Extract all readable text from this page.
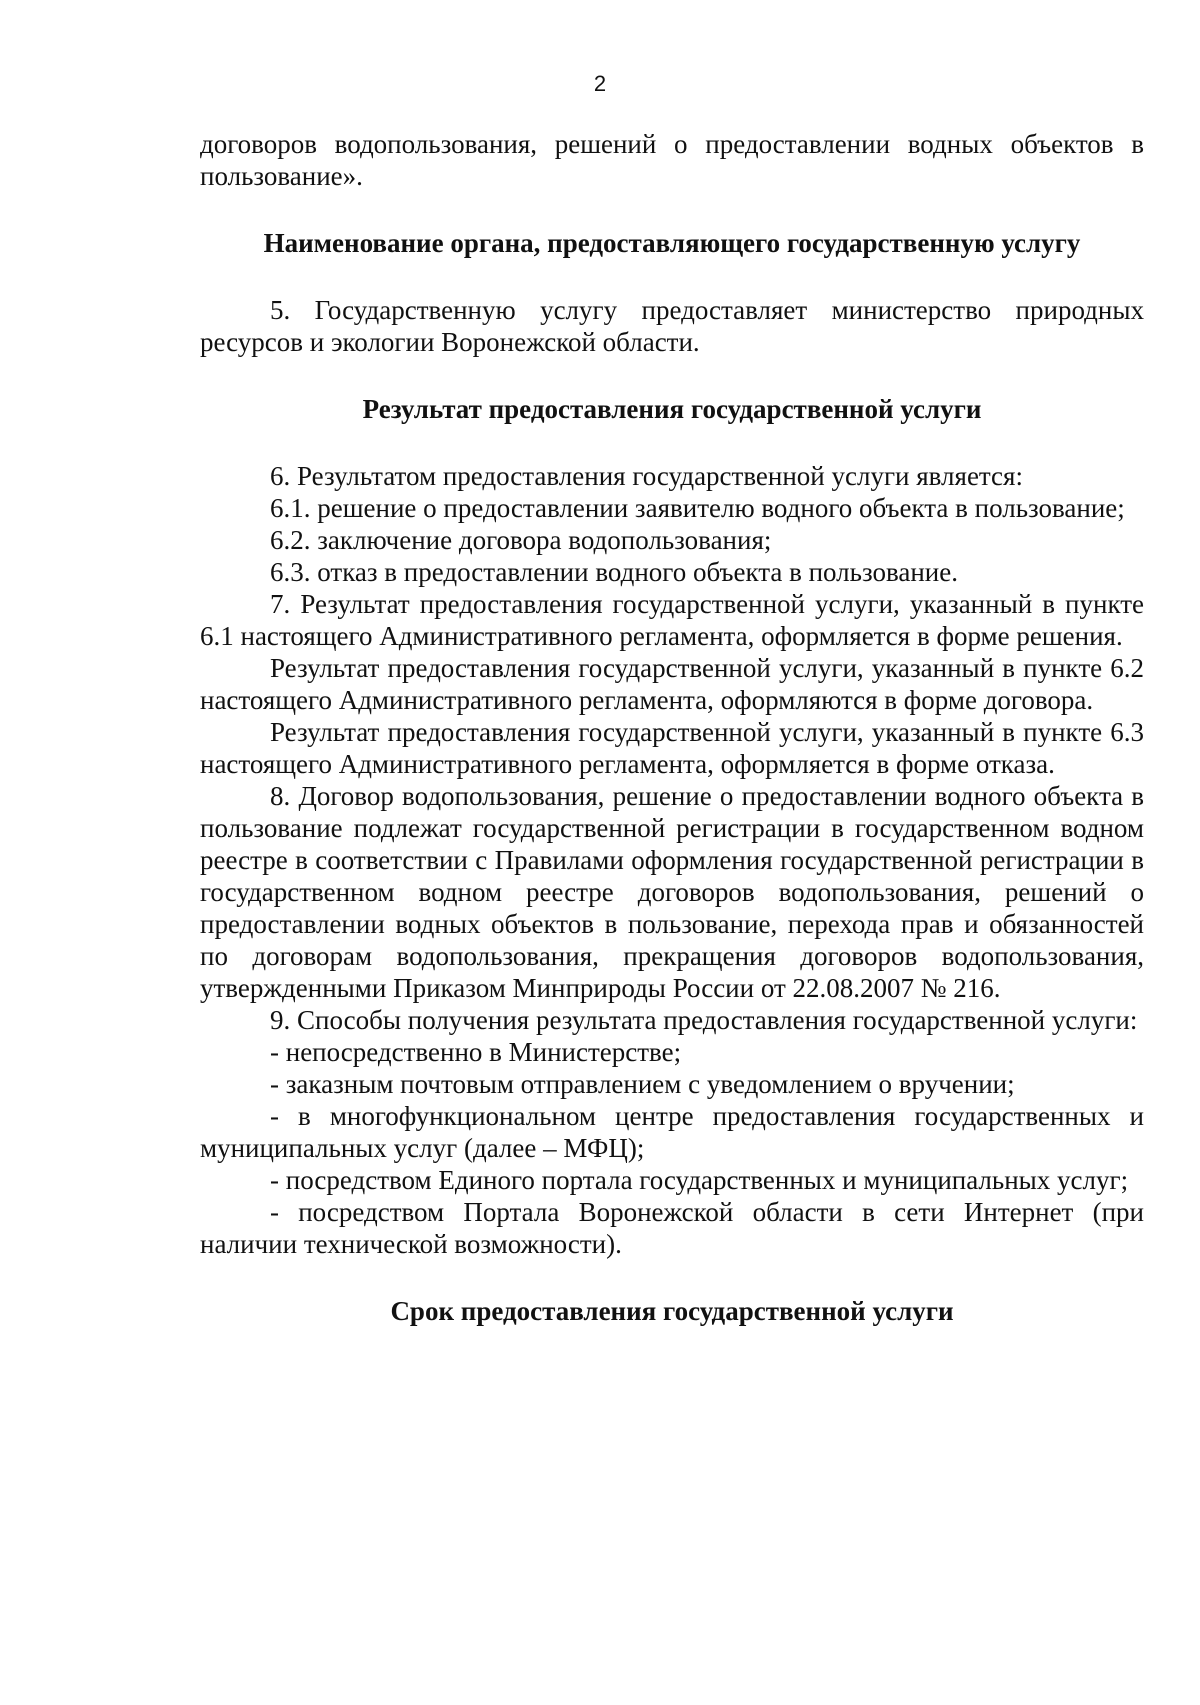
2

договоров водопользования, решений о предоставлении водных объектов в пользование».

Наименование органа, предоставляющего государственную услугу

5. Государственную услугу предоставляет министерство природных ресурсов и экологии Воронежской области.

Результат предоставления государственной услуги

6. Результатом предоставления государственной услуги является:

6.1. решение о предоставлении заявителю водного объекта в пользование;

6.2. заключение договора водопользования;

6.3. отказ в предоставлении водного объекта в пользование.

7. Результат предоставления государственной услуги, указанный в пункте 6.1 настоящего Административного регламента, оформляется в форме решения.

Результат предоставления государственной услуги, указанный в пункте 6.2 настоящего Административного регламента, оформляются в форме договора.

Результат предоставления государственной услуги, указанный в пункте 6.3 настоящего Административного регламента, оформляется в форме отказа.

8. Договор водопользования, решение о предоставлении водного объекта в пользование подлежат государственной регистрации в государственном водном реестре в соответствии с Правилами оформления государственной регистрации в государственном водном реестре договоров водопользования, решений о предоставлении водных объектов в пользование, перехода прав и обязанностей по договорам водопользования, прекращения договоров водопользования, утвержденными Приказом Минприроды России от 22.08.2007 № 216.

9. Способы получения результата предоставления государственной услуги:

- непосредственно в Министерстве;

- заказным почтовым отправлением с уведомлением о вручении;

- в многофункциональном центре предоставления государственных и муниципальных услуг (далее – МФЦ);

- посредством Единого портала государственных и муниципальных услуг;

- посредством Портала Воронежской области в сети Интернет (при наличии технической возможности).

Срок предоставления государственной услуги
